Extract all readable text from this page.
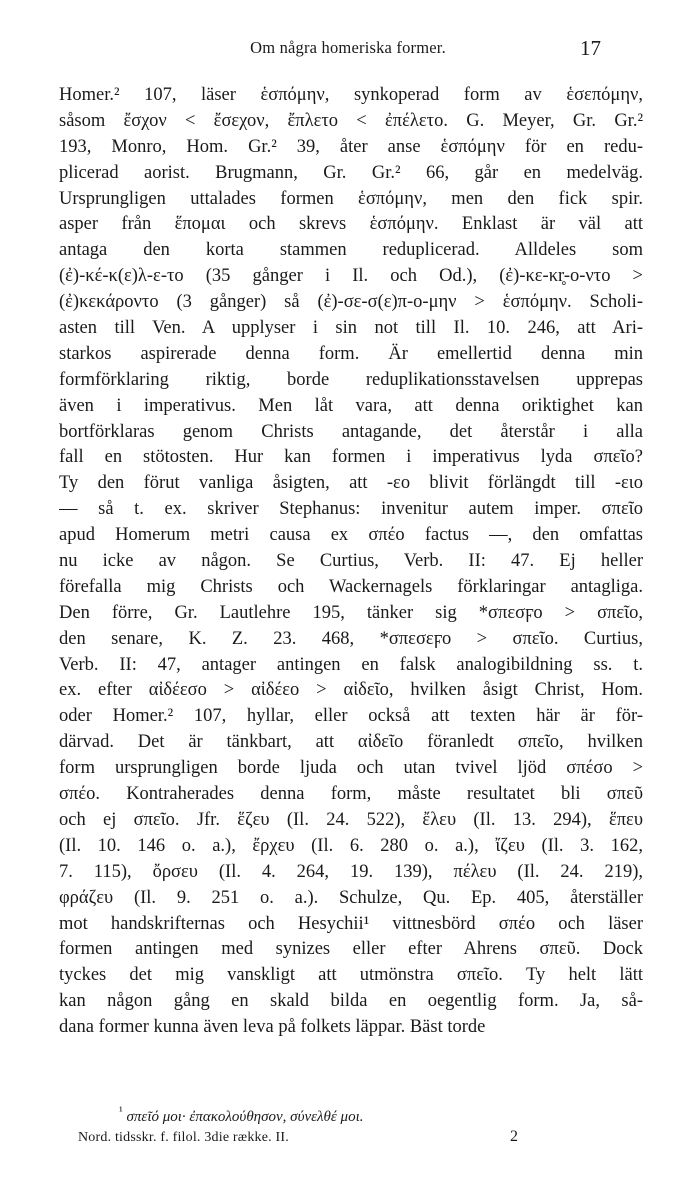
Om några homeriska former.	17
Homer.² 107, läser ἑσπόμην, synkoperad form av ἑσεπόμην,
såsom ἔσχον < ἔσεχον, ἔπλετο < ἐπέλετο. G. Meyer, Gr. Gr.²
193, Monro, Hom. Gr.² 39, åter anse ἑσπόμην för en redu-
plicerad aorist. Brugmann, Gr. Gr.² 66, går en medelväg.
Ursprungligen uttalades formen ἑσπόμην, men den fick spir.
asper från ἕπομαι och skrevs ἑσπόμην. Enklast är väl att
antaga den korta stammen reduplicerad. Alldeles som
(ἐ)-κέ-κ(ε)λ-ε-το (35 gånger i Il. och Od.), (ἐ)-κε-κr̥-ο-ντο >
(ἐ)κεκάροντο (3 gånger) så (ἐ)-σε-σ(ε)π-ο-μην > ἑσπόμην. Scholi-
asten till Ven. A upplyser i sin not till Il. 10. 246, att Ari-
starkos aspirerade denna form. Är emellertid denna min
formförklaring riktig, borde reduplikationsstavelsen upprepas
även i imperativus. Men låt vara, att denna oriktighet kan
bortförklaras genom Christs antagande, det återstår i alla
fall en stötosten. Hur kan formen i imperativus lyda σπεῖο?
Ty den förut vanliga åsigten, att -εο blivit förlängdt till -ειο
— så t. ex. skriver Stephanus: invenitur autem imper. σπεῖο
apud Homerum metri causa ex σπέο factus —, den omfattas
nu icke av någon. Se Curtius, Verb. II: 47. Ej heller
förefalla mig Christs och Wackernagels förklaringar antagliga.
Den förre, Gr. Lautlehre 195, tänker sig *σπεσϝο > σπεῖο,
den senare, K. Z. 23. 468, *σπεσεϝο > σπεῖο. Curtius,
Verb. II: 47, antager antingen en falsk analogibildning ss. t.
ex. efter αἰδέεσο > αἰδέεο > αἰδεῖο, hvilken åsigt Christ, Hom.
oder Homer.² 107, hyllar, eller också att texten här är för-
därvad. Det är tänkbart, att αἰδεῖο föranledt σπεῖο, hvilken
form ursprungligen borde ljuda och utan tvivel ljöd σπέσο >
σπέο. Kontraherades denna form, måste resultatet bli σπεῦ
och ej σπεῖο. Jfr. ἕζευ (Il. 24. 522), ἔλευ (Il. 13. 294), ἕπευ
(Il. 10. 146 o. a.), ἔρχευ (Il. 6. 280 o. a.), ἴζευ (Il. 3. 162,
7. 115), ὄρσευ (Il. 4. 264, 19. 139), πέλευ (Il. 24. 219),
φράζευ (Il. 9. 251 o. a.). Schulze, Qu. Ep. 405, återställer
mot handskrifternas och Hesychii¹ vittnesbörd σπέο och läser
formen antingen med synizes eller efter Ahrens σπεῦ. Dock
tyckes det mig vanskligt att utmönstra σπεῖο. Ty helt lätt
kan någon gång en skald bilda en oegentlig form. Ja, så-
dana former kunna även leva på folkets läppar. Bäst torde
$^{^1}$ σπεῖό μοι· ἐπακολούθησον, σύνελθέ μοι.
Nord. tidsskr. f. filol. 3die række. II.	2
